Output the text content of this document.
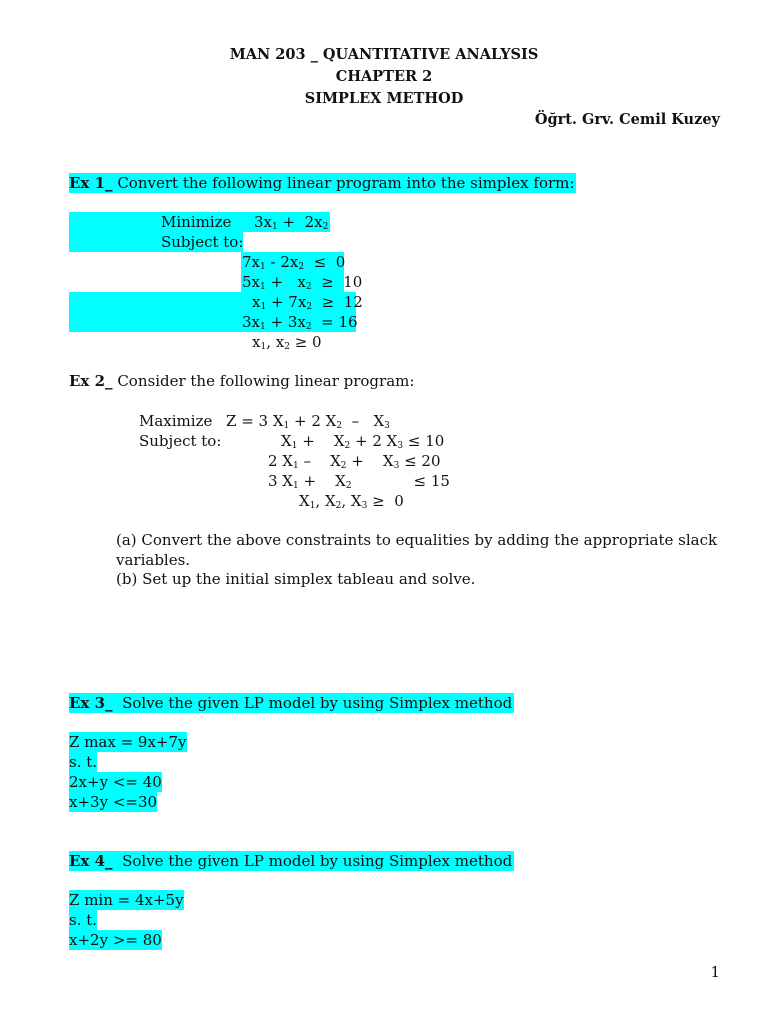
MAN 203 _ QUANTITATIVE ANALYSIS
CHAPTER 2
SIMPLEX METHOD
Öğrt. Grv. Cemil Kuzey
Ex 1_ Convert the following linear program into the simplex form:
Minimize $3x_1 + 2x_2$
Subject to:
$7x_1 - 2x_2 \le 0$
$5x_1 + x_2 \ge 10$
$x_1 + 7x_2 \ge 12$
$3x_1 + 3x_2 = 16$
$x_1$, $x_2 \ge 0$
Ex 2_ Consider the following linear program:
Maximize Z = 3 $X_1 + 2$ $X_2 - X_3$
Subject to:	$X_1$ +    $X_2 + 2$ $X_3 \le 10$
2 $X_1$ –    $X_2$ +    $X_3 \le 20$
3 $X_1$ +    $X_2$             ≤ 15
$X_1$, $X_2$, $X_3 \ge 0$
(a) Convert the above constraints to equalities by adding the appropriate slack
variables.
(b) Set up the initial simplex tableau and solve.
Ex 3_ Solve the given LP model by using Simplex method
Z max = 9x+7y
s. t.
2x+y <= 40
x+3y <=30
Ex 4_ Solve the given LP model by using Simplex method
Z min = 4x+5y
s. t.
x+2y >= 80
1
